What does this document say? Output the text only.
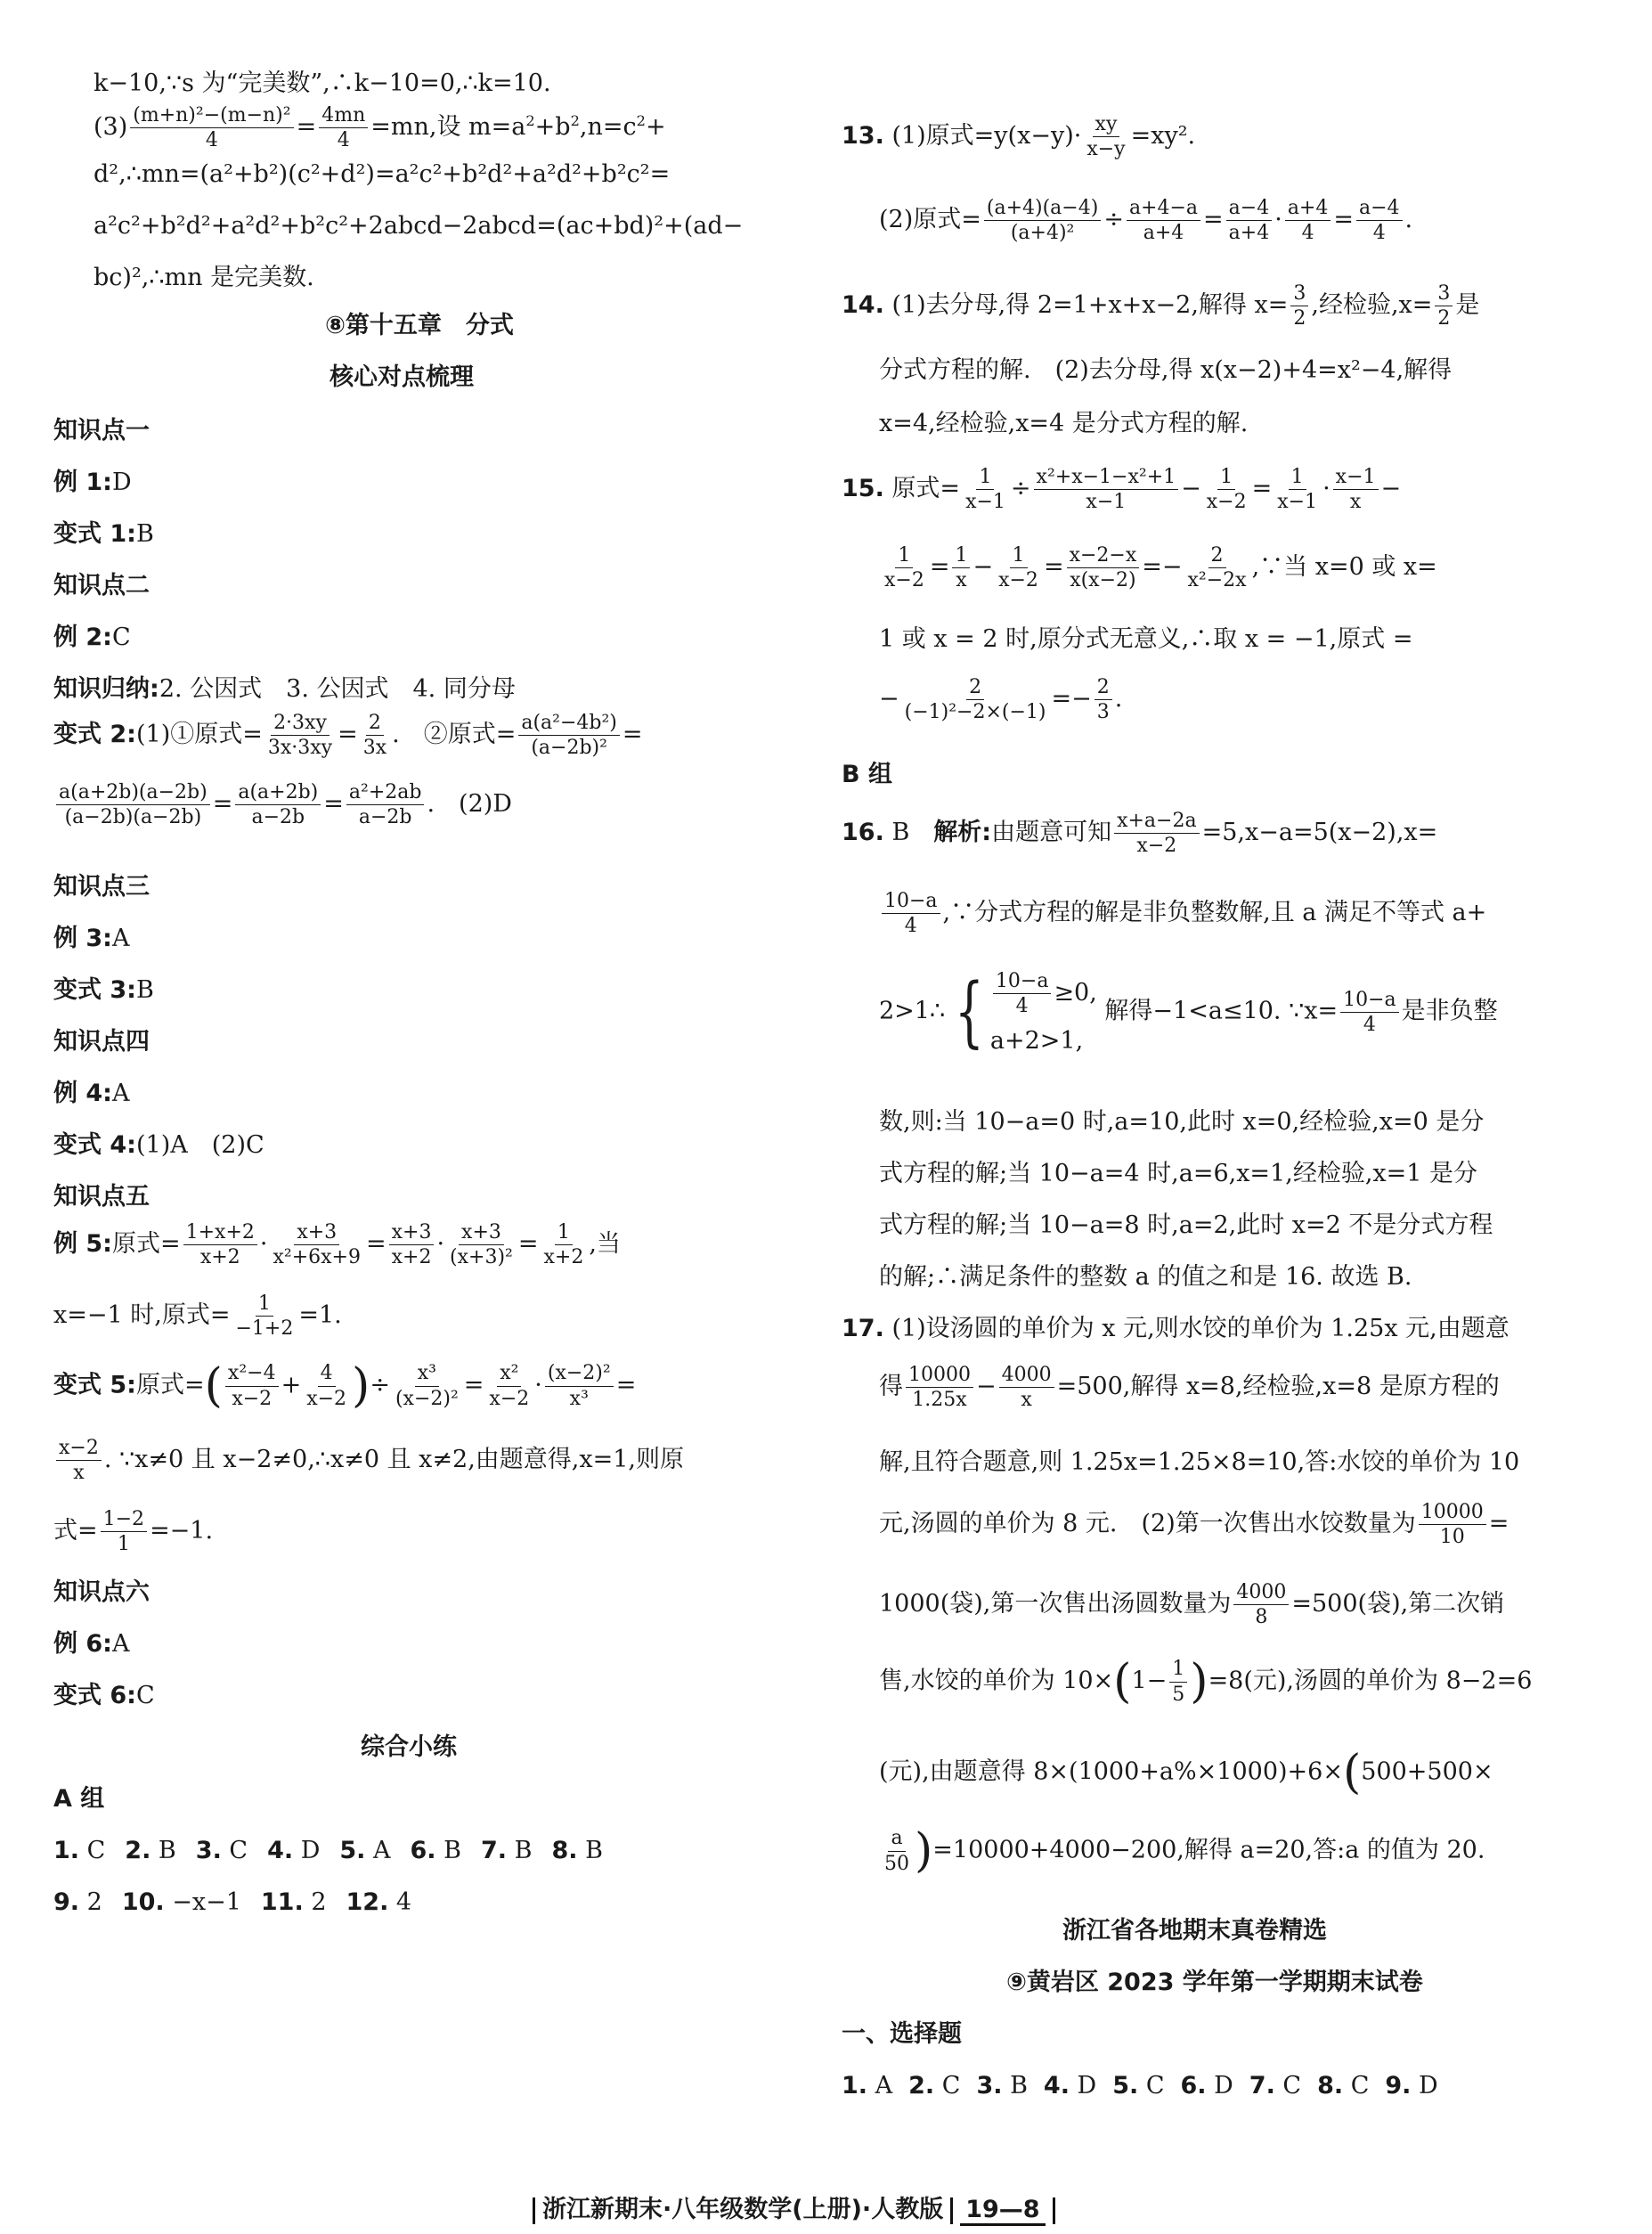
k−10,∵s 为“完美数”,∴k−10=0,∴k=10.
$(3) \frac{\text{(m+n)²−(m−n)²}}{4} = \frac{4mn}{4} =mn$,设 $m=a^2+b^2,n=c^2+$
d²,∴mn=(a²+b²)(c²+d²)=a²c²+b²d²+a²d²+b²c²=
a²c²+b²d²+a²d²+b²c²+2abcd−2abcd=(ac+bd)²+(ad−
bc)²,∴mn 是完美数.
⑧第十五章　分式
核心对点梳理
知识点一
例 1:D
变式 1:B
知识点二
例 2:C
知识归纳:2. 公因式　3. 公因式　4. 同分母
变式 2:(1)①原式= $\frac{2\cdot 3xy}{3x\cdot 3xy} = \frac{2}{3x}$ .　②原式= $\frac{\text{a(a²−4b²)}}{\text{(a−2b)²}}$ =
$\frac{a(a+2b)(a-2b)}{(a-2b)(a-2b)} = \frac{a(a+2b)}{a-2b} = \frac{\text{a²+2ab}}{a-2b}$ .　(2)D
知识点三
例 3:A
变式 3:B
知识点四
例 4:A
变式 4:(1)A　(2)C
知识点五
例 5:原式= $\frac{1+x+2}{x+2} \cdot \frac{x+3}{\text{x²+6x+9}} = \frac{x+3}{x+2} \cdot \frac{x+3}{\text{(x+3)²}} = \frac{1}{x+2}$ ,当
x=−1 时,原式= $\frac{1}{-1+2} =1$.
变式 5:原式=( $\frac{\text{x²−4}}{x-2} + \frac{4}{x-2}$ )÷ $\frac{\text{x³}}{\text{(x−2)²}} = \frac{\text{x²}}{x-2} \cdot \frac{\text{(x−2)²}}{\text{x³}}$ =
$\frac{x-2}{x}$ . ∵x≠0 且 x−2≠0,∴x≠0 且 x≠2,由题意得,x=1,则原
式= $\frac{1-2}{1} =-1$.
知识点六
例 6:A
变式 6:C
综合小练
A 组
1. C 2. B 3. C 4. D 5. A 6. B 7. B 8. B
9. 2 10. −x−1 11. 2 12. 4
13. (1)原式$=y(x-y)\cdot \frac{xy}{x-y} =xy^2$.
(2)原式= $\frac{(a+4)(a-4)}{\text{(a+4)²}} \div \frac{a+4-a}{a+4} = \frac{a-4}{a+4} \cdot \frac{a+4}{4} = \frac{a-4}{4}$ .
14. (1)去分母,得 2=1+x+x−2,解得 $x= \frac{3}{2}$ ,经检验$,x= \frac{3}{2}$ 是
分式方程的解.　(2)去分母,得 x(x−2)+4=x²−4,解得
x=4,经检验,x=4 是分式方程的解.
15. 原式= $\frac{1}{x-1} \div \frac{\text{x²+x−1−x²+1}}{x-1} - \frac{1}{x-2} = \frac{1}{x-1} \cdot \frac{x-1}{x}$ −
$\frac{1}{x-2} = \frac{1}{x} - \frac{1}{x-2} = \frac{x-2-x}{x(x-2)} =- \frac{2}{\text{x²−2x}}$ ,∵当 x=0 或 x=
1 或 x = 2 时,原分式无意义,∴取 x = −1,原式 =
− $\frac{2}{\text{(−1)²−2×(−1)}} =- \frac{2}{3}$ .
B 组
16. B　解析:由题意可知 $\frac{x+a-2a}{x-2} =5,x-a=5(x-2),x=$
$\frac{10-a}{4}$ ,∵分式方程的解是非负整数解,且 a 满足不等式 a+
2>1∴ { $\frac{10-a}{4} \ge 0$,
a+2>1,
解得−1<a≤10. ∵x= $\frac{10-a}{4}$ 是非负整
数,则:当 10−a=0 时,a=10,此时 x=0,经检验,x=0 是分
式方程的解;当 10−a=4 时,a=6,x=1,经检验,x=1 是分
式方程的解;当 10−a=8 时,a=2,此时 x=2 不是分式方程
的解;∴满足条件的整数 a 的值之和是 16. 故选 B.
17. (1)设汤圆的单价为 x 元,则水饺的单价为 1.25x 元,由题意
得 $\frac{10000}{1.25x} - \frac{4000}{x} =500$,解得 x=8,经检验,x=8 是原方程的
解,且符合题意,则 1.25x=1.25×8=10,答:水饺的单价为 10
元,汤圆的单价为 8 元.　(2)第一次售出水饺数量为 $\frac{10000}{10}$ =
1000(袋),第一次售出汤圆数量为 $\frac{4000}{8} =500$(袋),第二次销
售,水饺的单价为 $10\times(1- \frac{1}{5} )=8$(元),汤圆的单价为 8−2=6
(元),由题意得 8×(1000+a%×1000)+6×(500+500×
$\frac{a}{50} )=10000+4000-200$,解得 a=20,答:a 的值为 20.
浙江省各地期末真卷精选
⑨黄岩区 2023 学年第一学期期末试卷
一、选择题
1. A 2. C 3. B 4. D 5. C 6. D 7. C 8. C 9. D
浙江新期末·八年级数学(上册)·人教版 19—8
